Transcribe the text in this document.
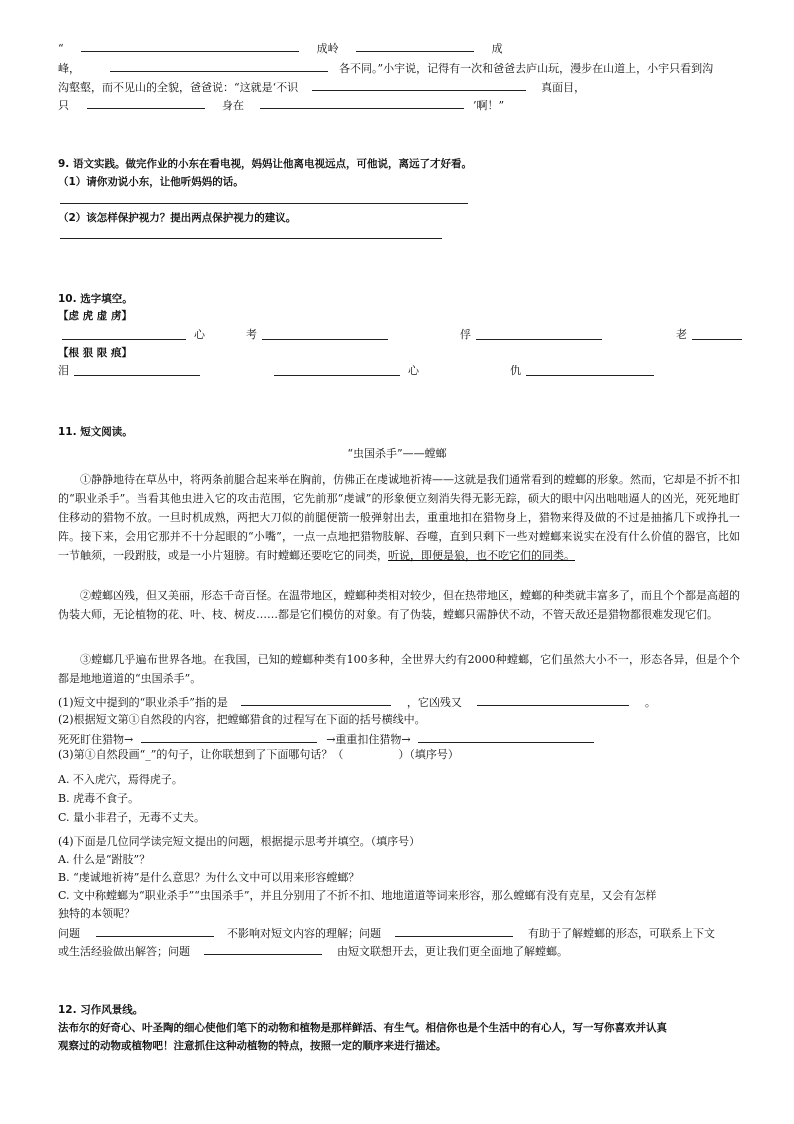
“	成岭	成
峰，	各不同。”小宇说，记得有一次和爸爸去庐山玩，漫步在山道上，小宇只看到沟
沟壑壑，而不见山的全貌，爸爸说：“这就是‘不识	真面目，
只	身在	’啊！”
9. 语文实践。做完作业的小东在看电视，妈妈让他离电视远点，可他说，离远了才好看。
（1）请你劝说小东，让他听妈妈的话。
（2）该怎样保护视力？提出两点保护视力的建议。
10. 选字填空。
【虑 虎 虚 虏】
心	考	俘	老
【根 狠 限 痕】
泪	心	仇
11. 短文阅读。
“虫国杀手”——螳螂
①静静地待在草丛中，将两条前腿合起来举在胸前，仿佛正在虔诚地祈祷——这就是我们通常看到的螳螂的形象。然而，它却是不折不扣的“职业杀手”。当看其他虫进入它的攻击范围，它先前那“虔诚”的形象便立刻消失得无影无踪，硕大的眼中闪出咄咄逼人的凶光，死死地盯住移动的猎物不放。一旦时机成熟，两把大刀似的前腿便箭一般弹射出去，重重地扣在猎物身上，猎物来得及做的不过是抽搐几下或挣扎一阵。接下来，会用它那并不十分起眼的“小嘴”，一点一点地把猎物肢解、吞噬，直到只剩下一些对螳螂来说实在没有什么价值的器官，比如一节触须，一段跗肢，或是一小片翅膀。有时螳螂还要吃它的同类，听说，即便是狼，也不吃它们的同类。
②螳螂凶残，但又美丽，形态千奇百怪。在温带地区，螳螂种类相对较少，但在热带地区，螳螂的种类就丰富多了，而且个个都是高超的伪装大师，无论植物的花、叶、枝、树皮……都是它们模仿的对象。有了伪装，螳螂只需静伏不动，不管天敌还是猎物都很难发现它们。
③螳螂几乎遍布世界各地。在我国，已知的螳螂种类有100多种，全世界大约有2000种螳螂，它们虽然大小不一，形态各异，但是个个都是地地道道的“虫国杀手”。
(1)短文中提到的“职业杀手”指的是	，它凶残又	。
(2)根据短文第①自然段的内容，把螳螂猎食的过程写在下面的括号横线中。
死死盯住猎物→	→重重扣住猎物→
(3)第①自然段画“_”的句子，让你联想到了下面哪句话？（　　　　　）（填序号）
A. 不入虎穴，焉得虎子。
B. 虎毒不食子。
C. 量小非君子，无毒不丈夫。
(4)下面是几位同学读完短文提出的问题，根据提示思考并填空。（填序号）
A. 什么是“跗肢”？
B. “虔诚地祈祷”是什么意思？为什么文中可以用来形容螳螂？
C. 文中称螳螂为“职业杀手”“虫国杀手”，并且分别用了不折不扣、地地道道等词来形容，那么螳螂有没有克星，又会有怎样
独特的本领呢？
问题	不影响对短文内容的理解；问题	有助于了解螳螂的形态，可联系上下文
或生活经验做出解答；问题	由短文联想开去，更让我们更全面地了解螳螂。
12. 习作风景线。
法布尔的好奇心、叶圣陶的细心使他们笔下的动物和植物是那样鲜活、有生气。相信你也是个生活中的有心人，写一写你喜欢并认真
观察过的动物或植物吧！注意抓住这种动植物的特点，按照一定的顺序来进行描述。
